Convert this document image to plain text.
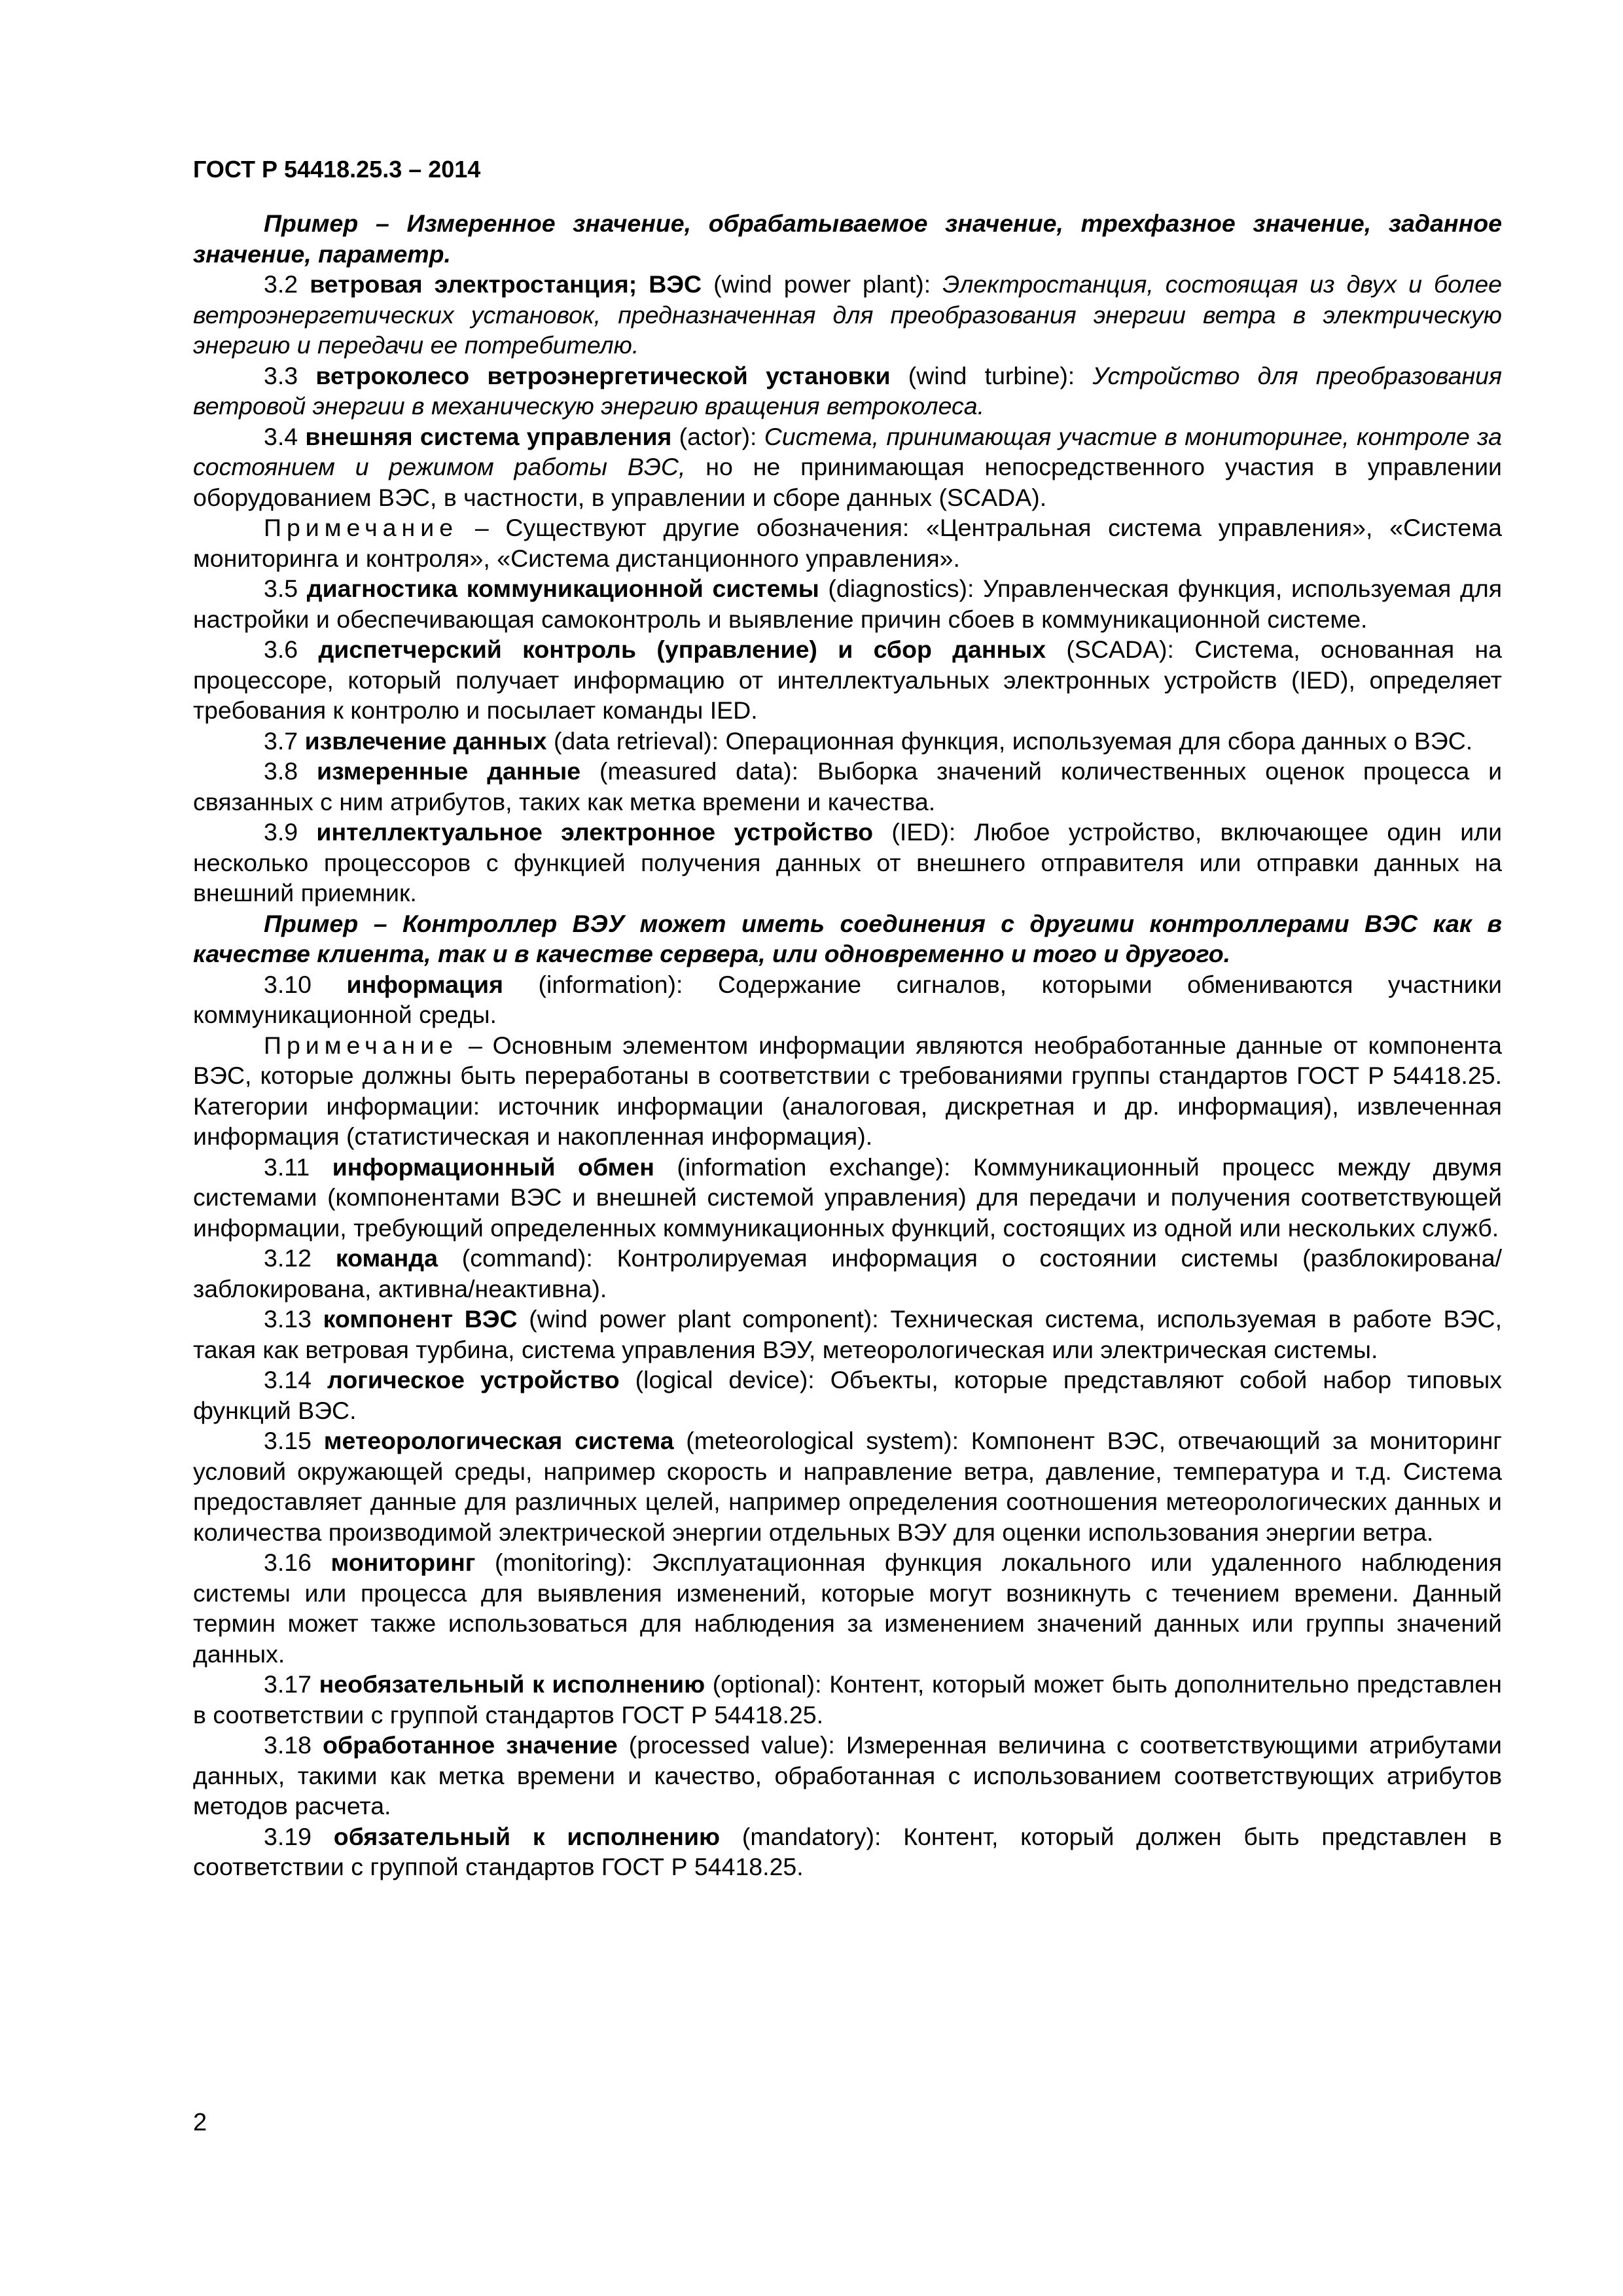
ГОСТ Р 54418.25.3 – 2014

Пример – Измеренное значение, обрабатываемое значение, трехфазное значение, заданное значение, параметр.

3.2 ветровая электростанция; ВЭС (wind power plant): Электростанция, состоящая из двух и более ветроэнергетических установок, предназначенная для преобразования энергии ветра в электрическую энергию и передачи ее потребителю.

3.3 ветроколесо ветроэнергетической установки (wind turbine): Устройство для преобразования ветровой энергии в механическую энергию вращения ветроколеса.

3.4 внешняя система управления (actor): Система, принимающая участие в мониторинге, контроле за состоянием и режимом работы ВЭС, но не принимающая непосредственного участия в управлении оборудованием ВЭС, в частности, в управлении и сборе данных (SCADA).

Примечание – Существуют другие обозначения: «Центральная система управления», «Система мониторинга и контроля», «Система дистанционного управления».

3.5 диагностика коммуникационной системы (diagnostics): Управленческая функция, используемая для настройки и обеспечивающая самоконтроль и выявление причин сбоев в коммуникационной системе.

3.6 диспетчерский контроль (управление) и сбор данных (SCADA): Система, основанная на процессоре, который получает информацию от интеллектуальных электронных устройств (IED), определяет требования к контролю и посылает команды IED.

3.7 извлечение данных (data retrieval): Операционная функция, используемая для сбора данных о ВЭС.

3.8 измеренные данные (measured data): Выборка значений количественных оценок процесса и связанных с ним атрибутов, таких как метка времени и качества.

3.9 интеллектуальное электронное устройство (IED): Любое устройство, включающее один или несколько процессоров с функцией получения данных от внешнего отправителя или отправки данных на внешний приемник.

Пример – Контроллер ВЭУ может иметь соединения с другими контроллерами ВЭС как в качестве клиента, так и в качестве сервера, или одновременно и того и другого.

3.10 информация (information): Содержание сигналов, которыми обмениваются участники коммуникационной среды.

Примечание – Основным элементом информации являются необработанные данные от компонента ВЭС, которые должны быть переработаны в соответствии с требованиями группы стандартов ГОСТ Р 54418.25. Категории информации: источник информации (аналоговая, дискретная и др. информация), извлеченная информация (статистическая и накопленная информация).

3.11 информационный обмен (information exchange): Коммуникационный процесс между двумя системами (компонентами ВЭС и внешней системой управления) для передачи и получения соответствующей информации, требующий определенных коммуникационных функций, состоящих из одной или нескольких служб.

3.12 команда (command): Контролируемая информация о состоянии системы (разблокирована/заблокирована, активна/неактивна).

3.13 компонент ВЭС (wind power plant component): Техническая система, используемая в работе ВЭС, такая как ветровая турбина, система управления ВЭУ, метеорологическая или электрическая системы.

3.14 логическое устройство (logical device): Объекты, которые представляют собой набор типовых функций ВЭС.

3.15 метеорологическая система (meteorological system): Компонент ВЭС, отвечающий за мониторинг условий окружающей среды, например скорость и направление ветра, давление, температура и т.д. Система предоставляет данные для различных целей, например определения соотношения метеорологических данных и количества производимой электрической энергии отдельных ВЭУ для оценки использования энергии ветра.

3.16 мониторинг (monitoring): Эксплуатационная функция локального или удаленного наблюдения системы или процесса для выявления изменений, которые могут возникнуть с течением времени. Данный термин может также использоваться для наблюдения за изменением значений данных или группы значений данных.

3.17 необязательный к исполнению (optional): Контент, который может быть дополнительно представлен в соответствии с группой стандартов ГОСТ Р 54418.25.

3.18 обработанное значение (processed value): Измеренная величина с соответствующими атрибутами данных, такими как метка времени и качество, обработанная с использованием соответствующих атрибутов методов расчета.

3.19 обязательный к исполнению (mandatory): Контент, который должен быть представлен в соответствии с группой стандартов ГОСТ Р 54418.25.

2
